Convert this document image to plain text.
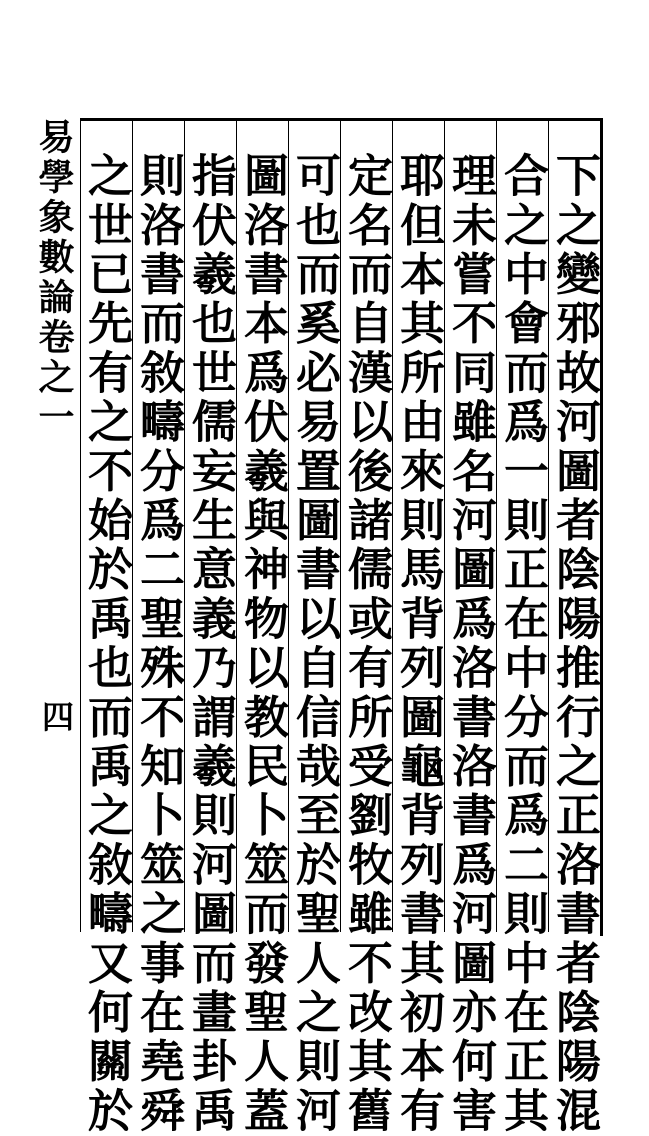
易學象數論卷之一
四	下之變邪故河圖者陰陽推行之正洛書者陰陽混
合之中會而爲一則正在中分而爲二則中在正其
理未嘗不同雖名河圖爲洛書洛書爲河圖亦何害
耶但本其所由來則馬背列圖龜背列書其初本有
定名而自漢以後諸儒或有所受劉牧雖不改其舊
可也而奚必易置圖書以自信哉至於聖人之則河
圖洛書本爲伏羲與神物以教民卜筮而發聖人蓋
指伏羲也世儒妄生意義乃謂羲則河圖而畫卦禹
則洛書而敘疇分爲二聖殊不知卜筮之事在堯舜
之世已先有之不始於禹也而禹之敘疇又何關於
